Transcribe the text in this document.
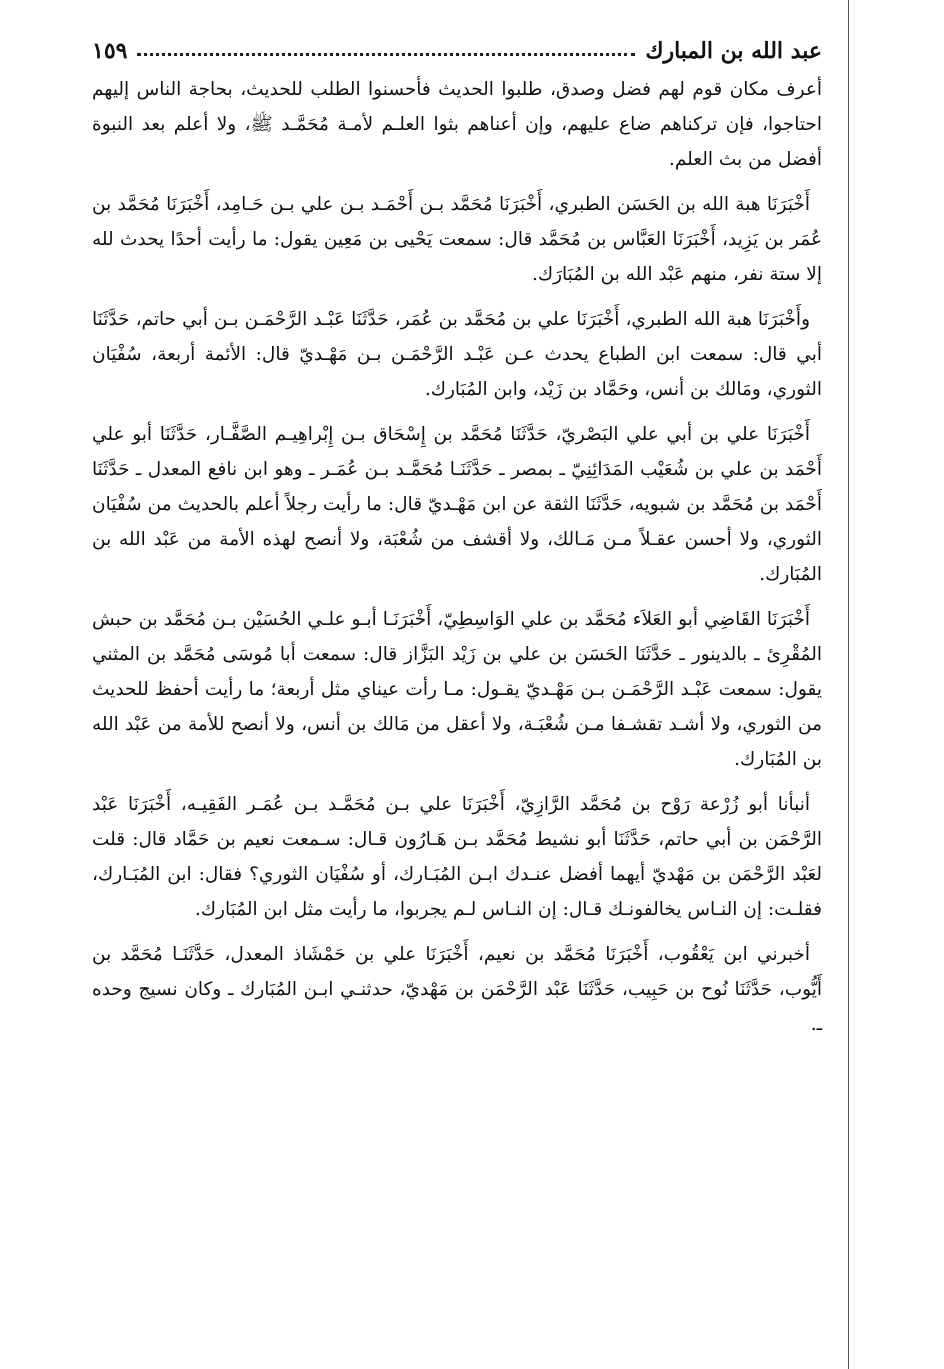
عبد الله بن المبارك
١٥٩

أعرف مكان قوم لهم فضل وصدق، طلبوا الحديث فأحسنوا الطلب للحديث، بحاجة الناس إليهم احتاجوا، فإن تركناهم ضاع عليهم، وإن أعناهم بثوا العلـم لأمـة مُحَمَّـد ﷺ، ولا أعلم بعد النبوة أفضل من بث العلم.

أَخْبَرَنَا هبة الله بن الحَسَن الطبري، أَخْبَرَنَا مُحَمَّد بـن أَحْمَـد بـن علي بـن حَـامِد، أَخْبَرَنَا مُحَمَّد بن عُمَر بن يَزِيد، أَخْبَرَنَا العَبَّاس بن مُحَمَّد قال: سمعت يَحْيى بن مَعِين يقول: ما رأيت أحدًا يحدث لله إلا ستة نفر، منهم عَبْد الله بن المُبَارَك.

وأَخْبَرَنَا هبة الله الطبري، أَخْبَرَنَا علي بن مُحَمَّد بن عُمَر، حَدَّثَنَا عَبْـد الرَّحْمَـن بـن أبي حاتم، حَدَّثَنَا أبي قال: سمعت ابن الطباع يحدث عـن عَبْـد الرَّحْمَـن بـن مَهْـديّ قال: الأئمة أربعة، سُفْيَان الثوري، ومَالك بن أنس، وحَمَّاد بن زَيْد، وابن المُبَارك.

أَخْبَرَنَا علي بن أبي علي البَصْريّ، حَدَّثَنَا مُحَمَّد بن إِسْحَاق بـن إِبْراهِيـم الصَّفَّـار، حَدَّثَنَا أبو علي أَحْمَد بن علي بن شُعَيْب المَدَائِنِيّ ـ بمصر ـ حَدَّثَنَـا مُحَمَّـد بـن عُمَـر ـ وهو ابن نافع المعدل ـ حَدَّثَنَا أَحْمَد بن مُحَمَّد بن شبويه، حَدَّثَنَا الثقة عن ابن مَهْـديّ قال: ما رأيت رجلاً أعلم بالحديث من سُفْيَان الثوري، ولا أحسن عقـلاً مـن مَـالك، ولا أقشف من شُعْبَة، ولا أنصح لهذه الأمة من عَبْد الله بن المُبَارك.

أَخْبَرَنَا القَاضِي أبو العَلاَء مُحَمَّد بن علي الوَاسِطِيّ، أَخْبَرَنَـا أبـو علـي الحُسَيْن بـن مُحَمَّد بن حبش المُقْرِئ ـ بالدينور ـ حَدَّثَنَا الحَسَن بن علي بن زَيْد البَزَّاز قال: سمعت أبا مُوسَى مُحَمَّد بن المثني يقول: سمعت عَبْـد الرَّحْمَـن بـن مَهْـديّ يقـول: مـا رأت عيناي مثل أربعة؛ ما رأيت أحفظ للحديث من الثوري، ولا أشـد تقشـفا مـن شُعْبَـة، ولا أعقل من مَالك بن أنس، ولا أنصح للأمة من عَبْد الله بن المُبَارك.

أنبأنا أبو زُرْعة رَوْح بن مُحَمَّد الرَّازِيّ، أَخْبَرَنَا علي بـن مُحَمَّـد بـن عُمَـر الفَقِيـه، أَخْبَرَنَا عَبْد الرَّحْمَن بن أبي حاتم، حَدَّثَنَا أبو نشيط مُحَمَّد بـن هَـارُون قـال: سـمعت نعيم بن حَمَّاد قال: قلت لعَبْد الرَّحْمَن بن مَهْديّ أيهما أفضل عنـدك ابـن المُبَـارك، أو سُفْيَان الثوري؟ فقال: ابن المُبَـارك، فقلـت: إن النـاس يخالفونـك قـال: إن النـاس لـم يجربوا، ما رأيت مثل ابن المُبَارك.

أخبرني ابن يَعْقُوب، أَخْبَرَنَا مُحَمَّد بن نعيم، أَخْبَرَنَا علي بن حَمْشَاذ المعدل، حَدَّثَنَـا مُحَمَّد بن أَيُّوب، حَدَّثَنَا نُوح بن حَبِيب، حَدَّثَنَا عَبْد الرَّحْمَن بن مَهْديّ، حدثنـي ابـن المُبَارك ـ وكان نسيج وحده ـ.
